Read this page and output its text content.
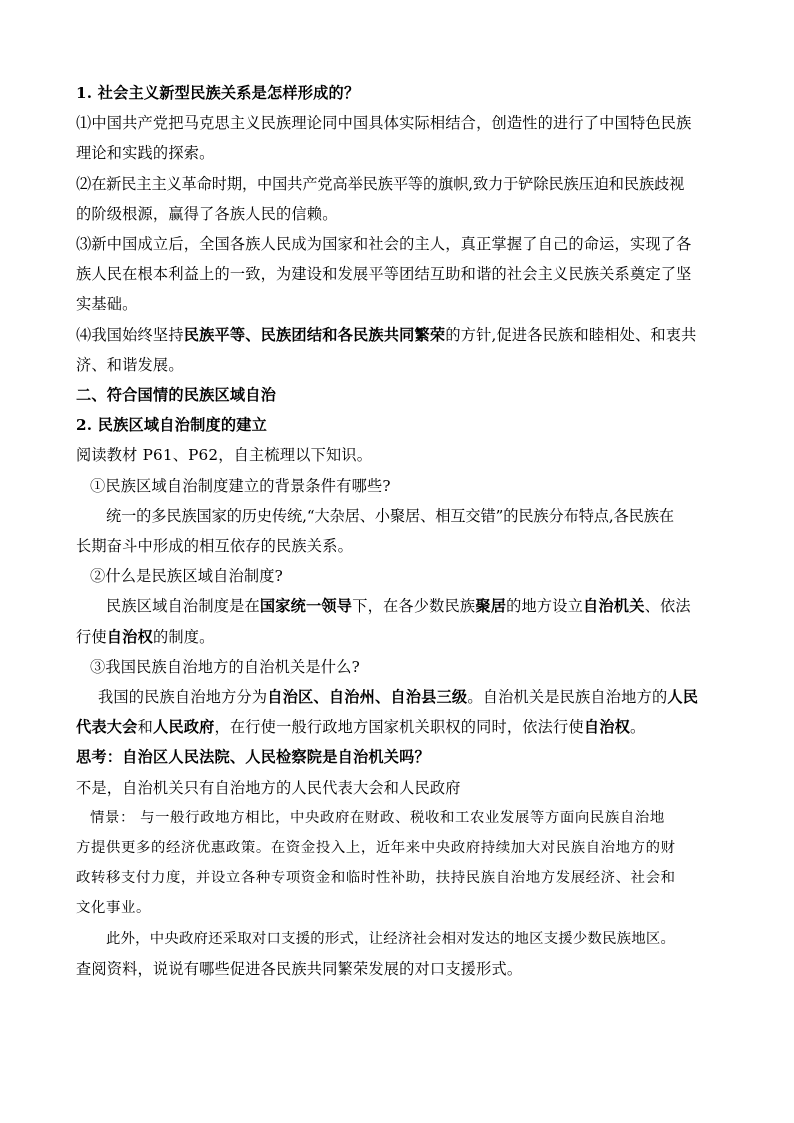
1. 社会主义新型民族关系是怎样形成的？
⑴中国共产党把马克思主义民族理论同中国具体实际相结合，创造性的进行了中国特色民族
理论和实践的探索。
⑵在新民主主义革命时期，中国共产党高举民族平等的旗帜,致力于铲除民族压迫和民族歧视
的阶级根源，赢得了各族人民的信赖。
⑶新中国成立后，全国各族人民成为国家和社会的主人，真正掌握了自己的命运，实现了各
族人民在根本利益上的一致，为建设和发展平等团结互助和谐的社会主义民族关系奠定了坚
实基础。
⑷我国始终坚持民族平等、民族团结和各民族共同繁荣的方针,促进各民族和睦相处、和衷共
济、和谐发展。
二、符合国情的民族区域自治
2. 民族区域自治制度的建立
阅读教材 P61、P62，自主梳理以下知识。
①民族区域自治制度建立的背景条件有哪些?
统一的多民族国家的历史传统,“大杂居、小聚居、相互交错”的民族分布特点,各民族在
长期奋斗中形成的相互依存的民族关系。
②什么是民族区域自治制度?
民族区域自治制度是在国家统一领导下，在各少数民族聚居的地方设立自治机关、依法
行使自治权的制度。
③我国民族自治地方的自治机关是什么?
我国的民族自治地方分为自治区、自治州、自治县三级。自治机关是民族自治地方的人民
代表大会和人民政府，在行使一般行政地方国家机关职权的同时，依法行使自治权。
思考：自治区人民法院、人民检察院是自治机关吗？
不是，自治机关只有自治地方的人民代表大会和人民政府
情景： 与一般行政地方相比，中央政府在财政、税收和工农业发展等方面向民族自治地
方提供更多的经济优惠政策。在资金投入上，近年来中央政府持续加大对民族自治地方的财
政转移支付力度，并设立各种专项资金和临时性补助，扶持民族自治地方发展经济、社会和
文化事业。
此外，中央政府还采取对口支援的形式，让经济社会相对发达的地区支援少数民族地区。
查阅资料，说说有哪些促进各民族共同繁荣发展的对口支援形式。
